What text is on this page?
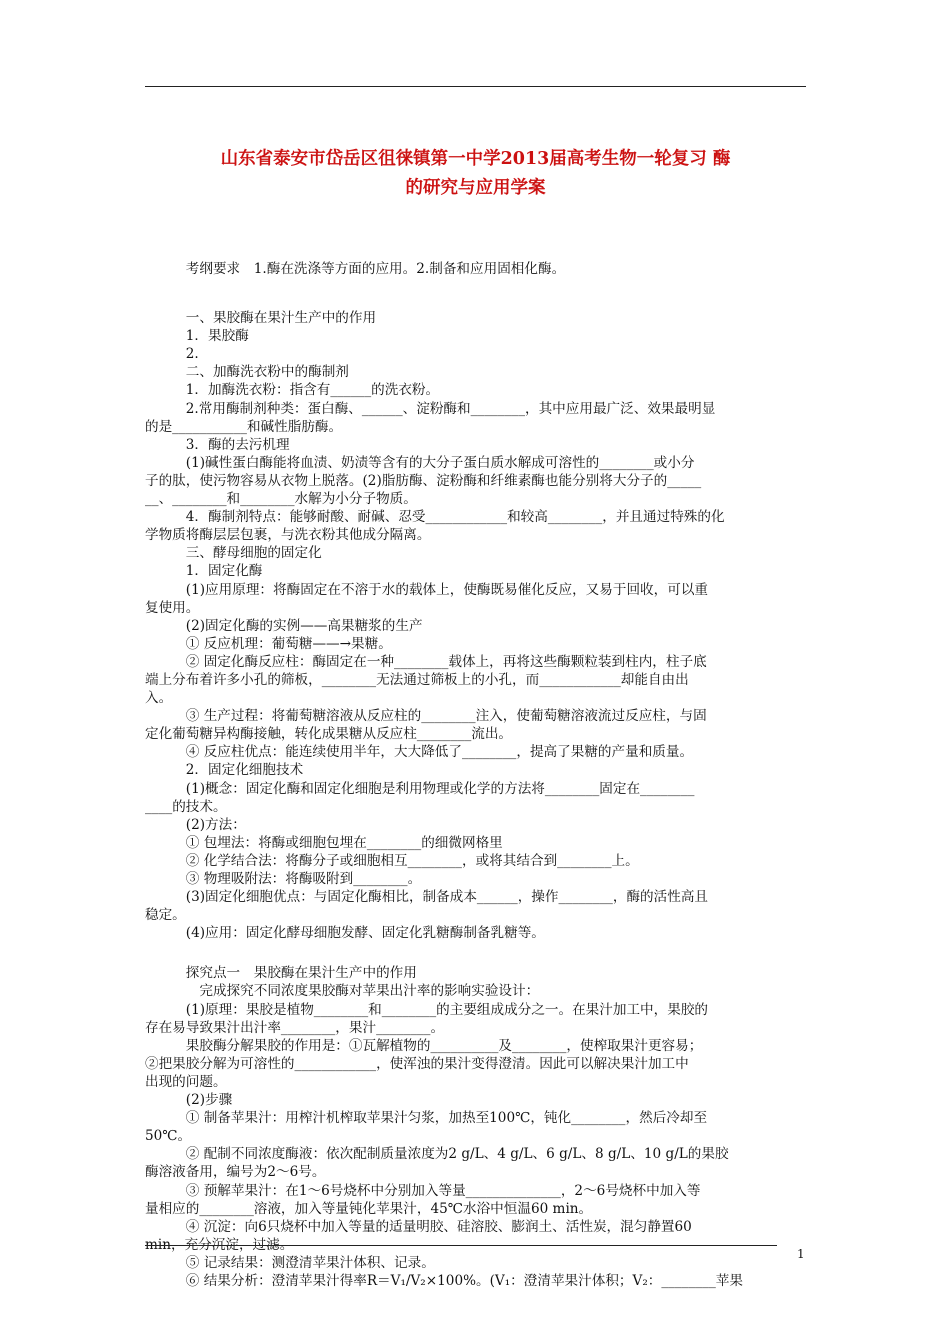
山东省泰安市岱岳区徂徕镇第一中学2013届高考生物一轮复习 酶
的研究与应用学案
　　　考纲要求　1.酶在洗涤等方面的应用。2.制备和应用固相化酶。
　　　一、果胶酶在果汁生产中的作用
　　　1．果胶酶
　　　2.
　　　二、加酶洗衣粉中的酶制剂
　　　1．加酶洗衣粉：指含有______的洗衣粉。
　　　2.常用酶制剂种类：蛋白酶、______、淀粉酶和________，其中应用最广泛、效果最明显
的是___________和碱性脂肪酶。
　　　3．酶的去污机理
　　　(1)碱性蛋白酶能将血渍、奶渍等含有的大分子蛋白质水解成可溶性的________或小分
子的肽，使污物容易从衣物上脱落。(2)脂肪酶、淀粉酶和纤维素酶也能分别将大分子的_____
__、________和________水解为小分子物质。
　　　4．酶制剂特点：能够耐酸、耐碱、忍受____________和较高________，并且通过特殊的化
学物质将酶层层包裹，与洗衣粉其他成分隔离。
　　　三、酵母细胞的固定化
　　　1．固定化酶
　　　(1)应用原理：将酶固定在不溶于水的载体上，使酶既易催化反应，又易于回收，可以重
复使用。
　　　(2)固定化酶的实例——高果糖浆的生产
　　　① 反应机理：葡萄糖——→果糖。
　　　② 固定化酶反应柱：酶固定在一种________载体上，再将这些酶颗粒装到柱内，柱子底
端上分布着许多小孔的筛板，________无法通过筛板上的小孔，而____________却能自由出
入。
　　　③ 生产过程：将葡萄糖溶液从反应柱的________注入，使葡萄糖溶液流过反应柱，与固
定化葡萄糖异构酶接触，转化成果糖从反应柱________流出。
　　　④ 反应柱优点：能连续使用半年，大大降低了________，提高了果糖的产量和质量。
　　　2．固定化细胞技术
　　　(1)概念：固定化酶和固定化细胞是利用物理或化学的方法将________固定在________
____的技术。
　　　(2)方法：
　　　① 包埋法：将酶或细胞包埋在________的细微网格里
　　　② 化学结合法：将酶分子或细胞相互________，或将其结合到________上。
　　　③ 物理吸附法：将酶吸附到________。
　　　(3)固定化细胞优点：与固定化酶相比，制备成本______，操作________，酶的活性高且
稳定。
　　　(4)应用：固定化酵母细胞发酵、固定化乳糖酶制备乳糖等。
　　　探究点一　果胶酶在果汁生产中的作用
　　　　完成探究不同浓度果胶酶对苹果出汁率的影响实验设计：
　　　(1)原理：果胶是植物________和________的主要组成成分之一。在果汁加工中，果胶的
存在易导致果汁出汁率________，果汁________。
　　　果胶酶分解果胶的作用是：①瓦解植物的__________及________，使榨取果汁更容易；
②把果胶分解为可溶性的____________，使浑浊的果汁变得澄清。因此可以解决果汁加工中
出现的问题。
　　　(2)步骤
　　　① 制备苹果汁：用榨汁机榨取苹果汁匀浆，加热至100℃，钝化________，然后冷却至
50℃。
　　　② 配制不同浓度酶液：依次配制质量浓度为2 g/L、4 g/L、6 g/L、8 g/L、10 g/L的果胶
酶溶液备用，编号为2～6号。
　　　③ 预解苹果汁：在1～6号烧杯中分别加入等量______________，2～6号烧杯中加入等
量相应的________溶液，加入等量钝化苹果汁，45℃水浴中恒温60 min。
　　　④ 沉淀：向6只烧杯中加入等量的适量明胶、硅溶胶、膨润土、活性炭，混匀静置60
min，充分沉淀，过滤。
　　　⑤ 记录结果：测澄清苹果汁体积、记录。
　　　⑥ 结果分析：澄清苹果汁得率R＝V₁/V₂×100%。(V₁：澄清苹果汁体积；V₂：________苹果
1
